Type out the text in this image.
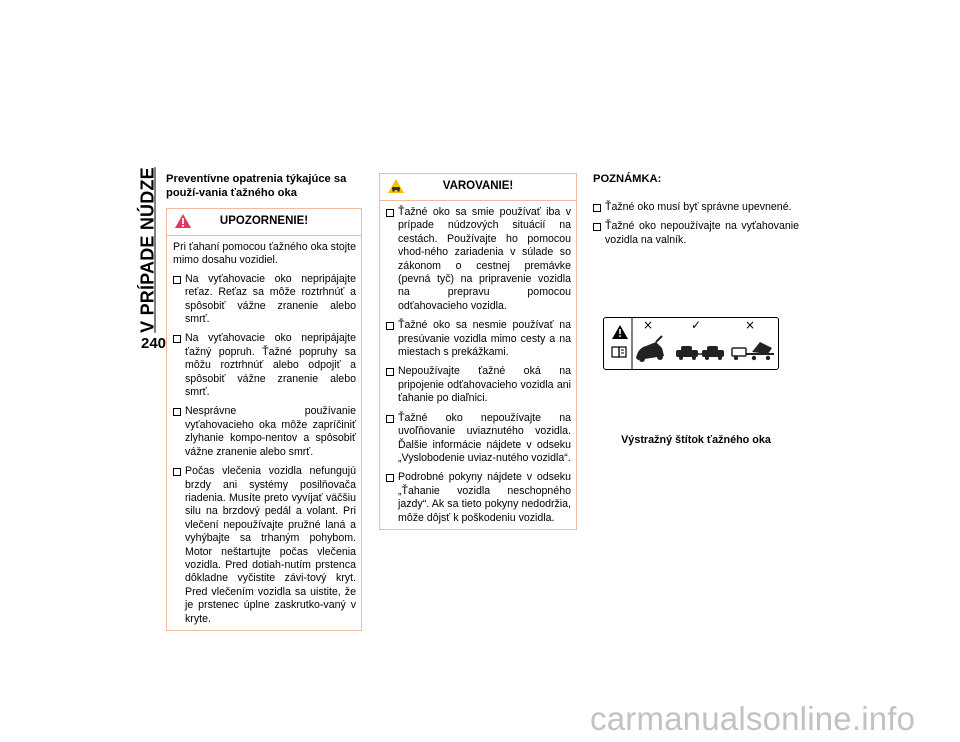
V PRÍPADE NÚDZE
240
Preventívne opatrenia týkajúce sa použí-vania ťažného oka
UPOZORNENIE!

Pri ťahaní pomocou ťažného oka stojte mimo dosahu vozidiel.

Na vyťahovacie oko nepripájajte reťaz. Reťaz sa môže roztrhnúť a spôsobiť vážne zranenie alebo smrť.
Na vyťahovacie oko nepripájajte ťažný popruh. Ťažné popruhy sa môžu roztrhnúť alebo odpojiť a spôsobiť vážne zranenie alebo smrť.
Nesprávne používanie vyťahovacieho oka môže zapríčiniť zlyhanie kompo-nentov a spôsobiť vážne zranenie alebo smrť.
Počas vlečenia vozidla nefungujú brzdy ani systémy posilňovača riadenia. Musíte preto vyvíjať väčšiu silu na brzdový pedál a volant. Pri vlečení nepoužívajte pružné laná a vyhýbajte sa trhaným pohybom. Motor neštartujte počas vlečenia vozidla. Pred dotiah-nutím prstenca dôkladne vyčistite závi-tový kryt. Pred vlečením vozidla sa uistite, že je prstenec úplne zaskrutko-vaný v kryte.
VAROVANIE!
Ťažné oko sa smie používať iba v prípade núdzových situácií na cestách. Používajte ho pomocou vhod-ného zariadenia v súlade so zákonom o cestnej premávke (pevná tyč) na pripravenie vozidla na prepravu pomocou odťahovacieho vozidla.
Ťažné oko sa nesmie používať na presúvanie vozidla mimo cesty a na miestach s prekážkami.
Nepoužívajte ťažné oká na pripojenie odťahovacieho vozidla ani ťahanie po diaľnici.
Ťažné oko nepoužívajte na uvoľňovanie uviaznutého vozidla. Ďalšie informácie nájdete v odseku „Vyslobodenie uviaz-nutého vozidla“.
Podrobné pokyny nájdete v odseku „Ťahanie vozidla neschopného jazdy“. Ak sa tieto pokyny nedodržia, môže dôjsť k poškodeniu vozidla.
POZNÁMKA:
Ťažné oko musí byť správne upevnené.
Ťažné oko nepoužívajte na vyťahovanie vozidla na valník.
×	✓	×
Výstražný štítok ťažného oka
carmanualsonline.info
